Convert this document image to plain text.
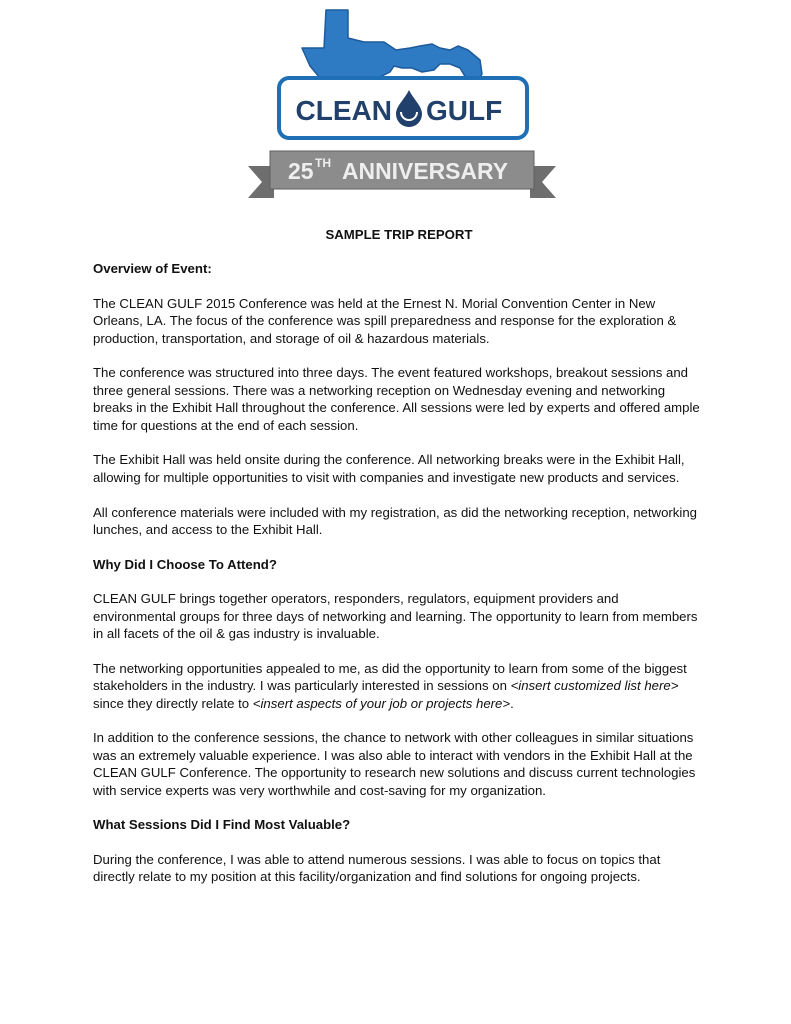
CLEAN GULF
25 TH ANNIVERSARY
SAMPLE TRIP REPORT
Overview of Event:

The CLEAN GULF 2015 Conference was held at the Ernest N. Morial Convention Center in New Orleans, LA. The focus of the conference was spill preparedness and response for the exploration & production, transportation, and storage of oil & hazardous materials.

The conference was structured into three days. The event featured workshops, breakout sessions and three general sessions. There was a networking reception on Wednesday evening and networking breaks in the Exhibit Hall throughout the conference. All sessions were led by experts and offered ample time for questions at the end of each session.

The Exhibit Hall was held onsite during the conference. All networking breaks were in the Exhibit Hall, allowing for multiple opportunities to visit with companies and investigate new products and services.

All conference materials were included with my registration, as did the networking reception, networking lunches, and access to the Exhibit Hall.

Why Did I Choose To Attend?

CLEAN GULF brings together operators, responders, regulators, equipment providers and environmental groups for three days of networking and learning. The opportunity to learn from members in all facets of the oil & gas industry is invaluable.

The networking opportunities appealed to me, as did the opportunity to learn from some of the biggest stakeholders in the industry. I was particularly interested in sessions on <insert customized list here> since they directly relate to <insert aspects of your job or projects here>.

In addition to the conference sessions, the chance to network with other colleagues in similar situations was an extremely valuable experience. I was also able to interact with vendors in the Exhibit Hall at the CLEAN GULF Conference. The opportunity to research new solutions and discuss current technologies with service experts was very worthwhile and cost-saving for my organization.

What Sessions Did I Find Most Valuable?

During the conference, I was able to attend numerous sessions. I was able to focus on topics that directly relate to my position at this facility/organization and find solutions for ongoing projects.
